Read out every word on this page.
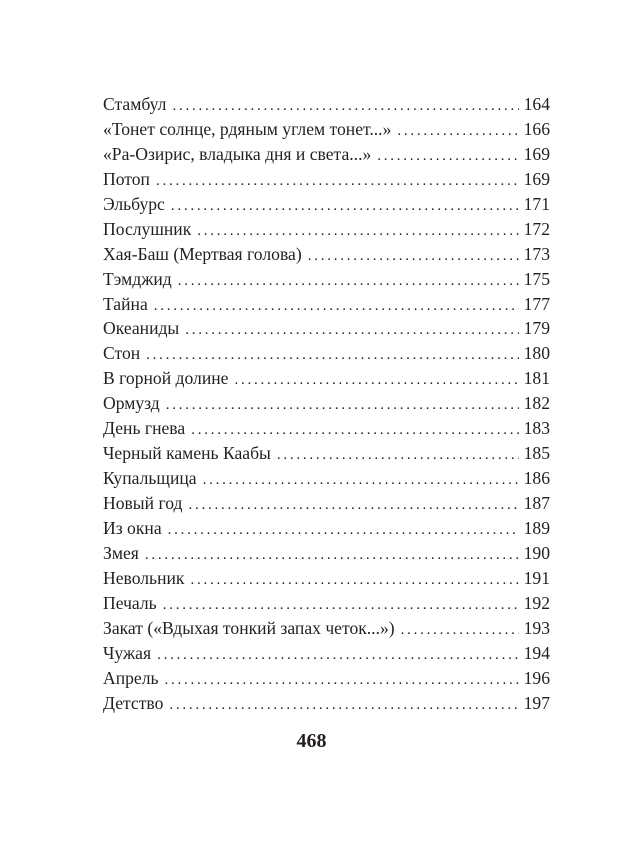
Стамбул . . .	164
«Тонет солнце, рдяным углем тонет...» . . .	166
«Ра-Озирис, владыка дня и света...» . . .	169
Потоп . . .	169
Эльбурс . . .	171
Послушник . . .	172
Хая-Баш (Мертвая голова) . . .	173
Тэмджид . . .	175
Тайна . . .	177
Океаниды . . .	179
Стон . . .	180
В горной долине . . .	181
Ормузд . . .	182
День гнева . . .	183
Черный камень Каабы . . .	185
Купальщица . . .	186
Новый год . . .	187
Из окна . . .	189
Змея . . .	190
Невольник . . .	191
Печаль . . .	192
Закат («Вдыхая тонкий запах четок...») . . .	193
Чужая . . .	194
Апрель . . .	196
Детство . . .	197
468
